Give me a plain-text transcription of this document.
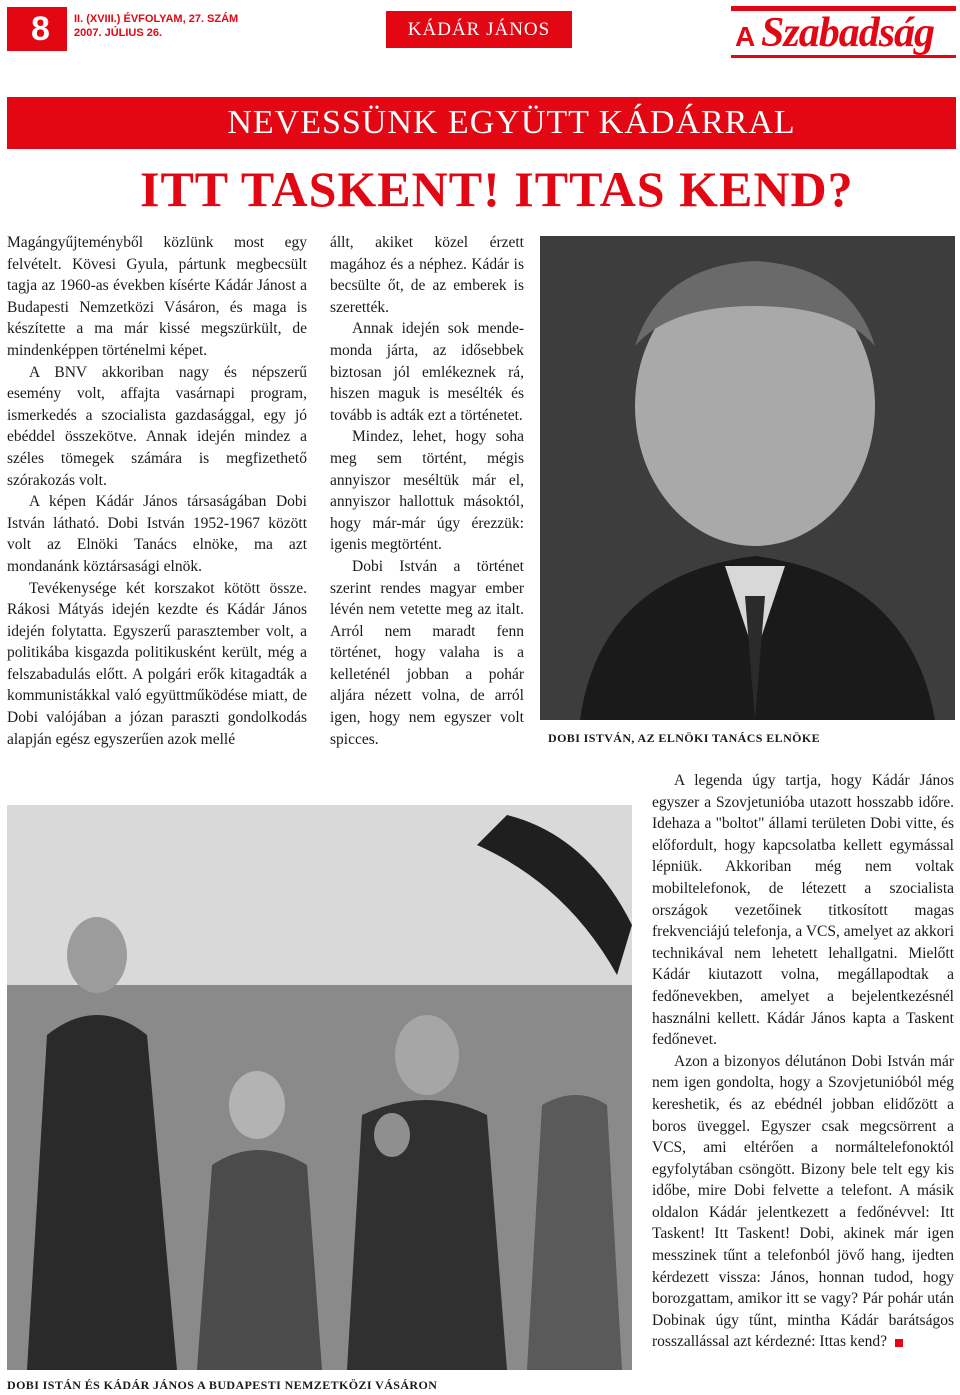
8	II. (XVIII.) ÉVFOLYAM, 27. SZÁM
2007. JÚLIUS 26.	KÁDÁR JÁNOS	A Szabadság
NEVESSÜNK EGYÜTT KÁDÁRRAL
ITT TASKENT! ITTAS KEND?

Magángyűjteményből közlünk most egy felvételt. Kövesi Gyula, pártunk megbecsült tagja az 1960-as években kísérte Kádár Jánost a Budapesti Nemzetközi Vásáron, és maga is készítette a ma már kissé megszürkült, de mindenképpen történelmi képet.

A BNV akkoriban nagy és népszerű esemény volt, affajta vasárnapi program, ismerkedés a szocialista gazdasággal, egy jó ebéddel összekötve. Annak idején mindez a széles tömegek számára is megfizethető szórakozás volt.

A képen Kádár János társaságában Dobi István látható. Dobi István 1952-1967 között volt az Elnöki Tanács elnöke, ma azt mondanánk köztársasági elnök.

Tevékenysége két korszakot kötött össze. Rákosi Mátyás idején kezdte és Kádár János idején folytatta. Egyszerű parasztember volt, a politikába kisgazda politikusként került, még a felszabadulás előtt. A polgári erők kitagadták a kommunistákkal való együttműködése miatt, de Dobi valójában a józan paraszti gondolkodás alapján egész egyszerűen azok mellé

állt, akiket közel érzett magához és a néphez. Kádár is becsülte őt, de az emberek is szerették.

Annak idején sok mende-monda járta, az idősebbek biztosan jól emlékeznek rá, hiszen maguk is mesélték és tovább is adták ezt a történetet.

Mindez, lehet, hogy soha meg sem történt, mégis annyiszor meséltük már el, annyiszor hallottuk másoktól, hogy már-már úgy érezzük: igenis megtörtént.

Dobi István a történet szerint rendes magyar ember lévén nem vetette meg az italt. Arról nem maradt fenn történet, hogy valaha is a kelleténél jobban a pohár aljára nézett volna, de arról igen, hogy nem egyszer volt spicces.	DOBI ISTVÁN, AZ ELNÖKI TANÁCS ELNÖKE

A legenda úgy tartja, hogy Kádár János egyszer a Szovjetunióba utazott hosszabb időre. Idehaza a "boltot" állami területen Dobi vitte, és előfordult, hogy kapcsolatba kellett egymással lépniük. Akkoriban még nem voltak mobiltelefonok, de létezett a szocialista országok vezetőinek titkosított magas frekvenciájú telefonja, a VCS, amelyet az akkori technikával nem lehetett lehallgatni. Mielőtt Kádár kiutazott volna, megállapodtak a fedőnevekben, amelyet a bejelentkezésnél használni kellett. Kádár János kapta a Taskent fedőnevet.

Azon a bizonyos délutánon Dobi István már nem igen gondolta, hogy a Szovjetunióból még kereshetik, és az ebédnél jobban elidőzött a boros üveggel. Egyszer csak megcsörrent a VCS, ami eltérően a normáltelefonoktól egyfolytában csöngött. Bizony bele telt egy kis időbe, mire Dobi felvette a telefont. A másik oldalon Kádár jelentkezett a fedőnévvel: Itt Taskent! Itt Taskent! Dobi, akinek már igen messzinek tűnt a telefonból jövő hang, ijedten kérdezett vissza: János, honnan tudod, hogy borozgattam, amikor itt se vagy? Pár pohár után Dobinak úgy tűnt, mintha Kádár barátságos rosszallással azt kérdezné: Ittas kend?

DOBI ISTÁN ÉS KÁDÁR JÁNOS A BUDAPESTI NEMZETKÖZI VÁSÁRON
